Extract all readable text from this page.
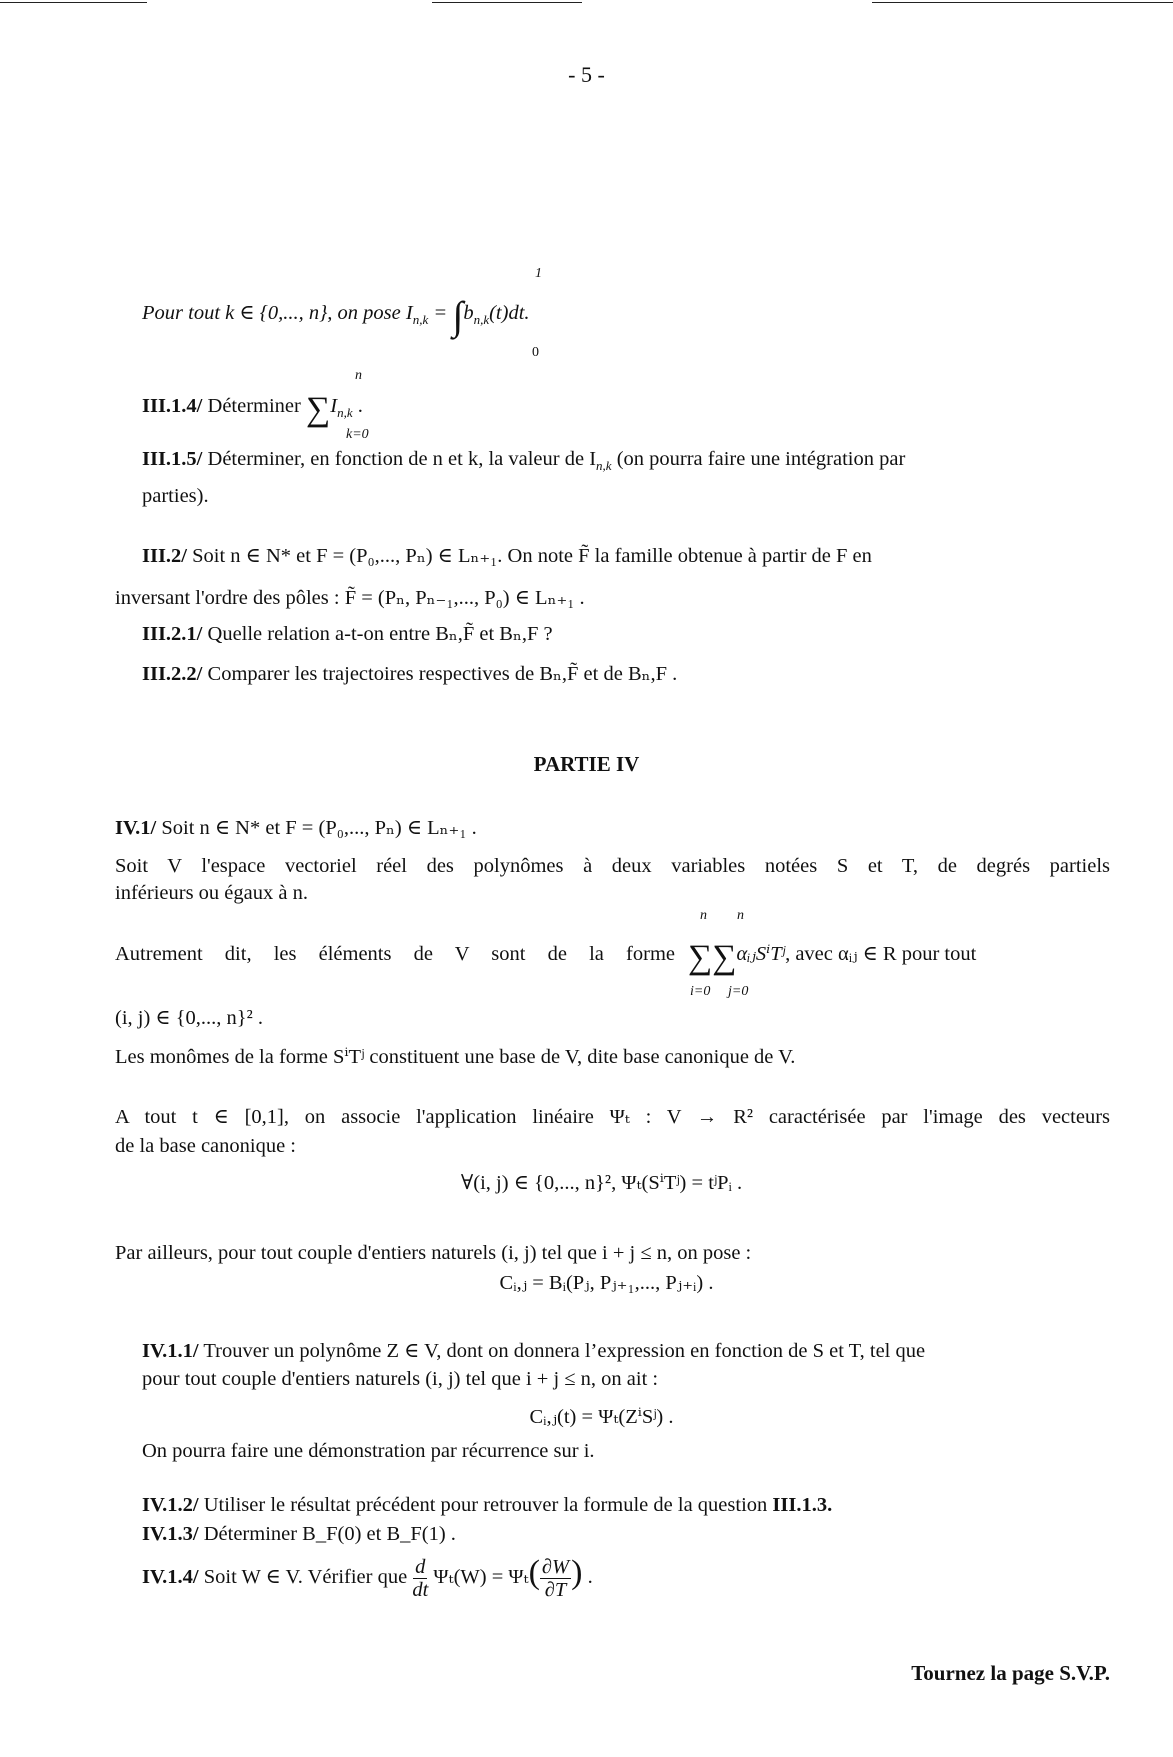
- 5 -
1
Pour tout k ∈ {0,..., n}, on pose $I_{n,k} = \int b_{n,k}(t)dt$.
0
n
III.1.4/ Déterminer $\sum I_{n,k}$ .
k=0
III.1.5/ Déterminer, en fonction de n et k, la valeur de $I_{n,k}$ (on pourra faire une intégration par
parties).
III.2/ Soit n ∈ N* et F = (P₀,..., Pₙ) ∈ Lₙ₊₁. On note F̃ la famille obtenue à partir de F en
inversant l'ordre des pôles : F̃ = (Pₙ, Pₙ₋₁,..., P₀) ∈ Lₙ₊₁ .
III.2.1/ Quelle relation a-t-on entre Bₙ,F̃ et Bₙ,F ?
III.2.2/ Comparer les trajectoires respectives de Bₙ,F̃ et de Bₙ,F .
PARTIE IV
IV.1/ Soit n ∈ N* et F = (P₀,..., Pₙ) ∈ Lₙ₊₁ .
Soit V l'espace vectoriel réel des polynômes à deux variables notées S et T, de degrés partiels
inférieurs ou égaux à n.
n n
Autrement dit, les éléments de V sont de la forme ∑∑αᵢⱼSⁱTʲ, avec αᵢⱼ ∈ R pour tout
i=0 j=0
(i, j) ∈ {0,..., n}² .
Les monômes de la forme SⁱTʲ constituent une base de V, dite base canonique de V.
A tout t ∈ [0,1], on associe l'application linéaire Ψₜ : V → R² caractérisée par l'image des vecteurs
de la base canonique :
∀(i, j) ∈ {0,..., n}², Ψₜ(SⁱTʲ) = tʲPᵢ .
Par ailleurs, pour tout couple d'entiers naturels (i, j) tel que i + j ≤ n, on pose :
Cᵢ,ⱼ = Bᵢ(Pⱼ, Pⱼ₊₁,..., Pⱼ₊ᵢ) .
IV.1.1/ Trouver un polynôme Z ∈ V, dont on donnera l’expression en fonction de S et T, tel que
pour tout couple d'entiers naturels (i, j) tel que i + j ≤ n, on ait :
Cᵢ,ⱼ(t) = Ψₜ(ZⁱSʲ) .
On pourra faire une démonstration par récurrence sur i.
IV.1.2/ Utiliser le résultat précédent pour retrouver la formule de la question III.1.3.
IV.1.3/ Déterminer B_F(0) et B_F(1) .
IV.1.4/ Soit W ∈ V. Vérifier que $\frac{d}{dt} \Psi_t(W) = \Psi_t( \frac{\partial W}{\partial T}$ ) .
Tournez la page S.V.P.
